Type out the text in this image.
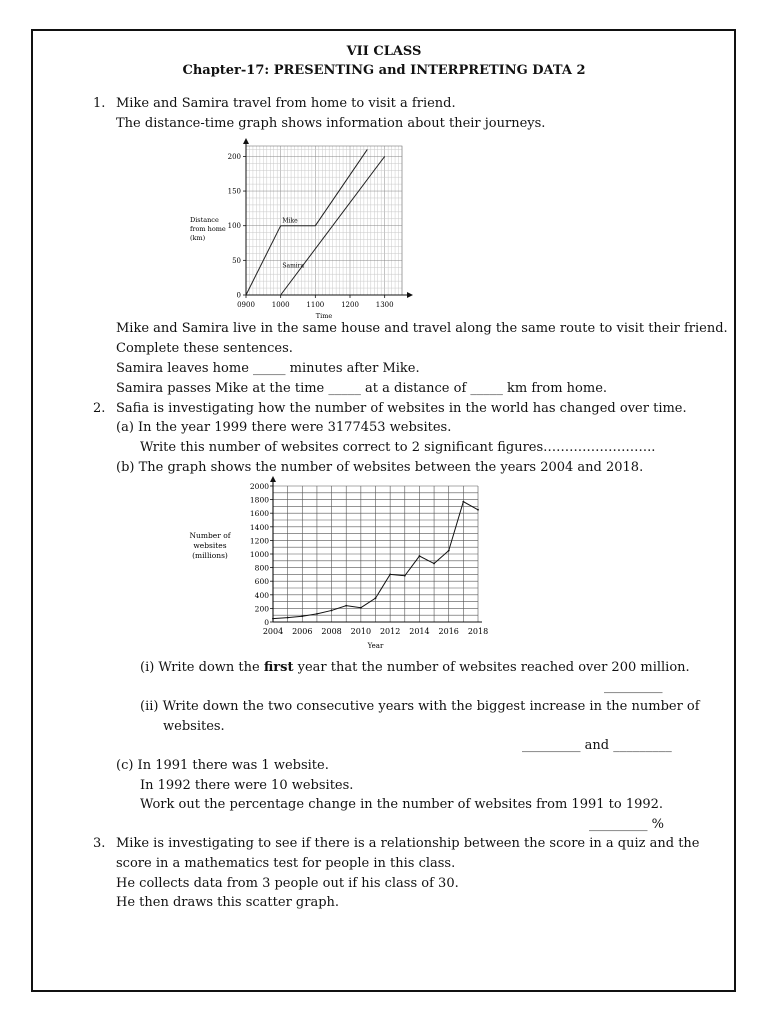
VII CLASS
Chapter-17: PRESENTING and INTERPRETING DATA 2
1. Mike and Samira travel from home to visit a friend.
The distance-time graph shows information about their journeys.
0900 1000 1100 1200 1300
0
50
100
150
200
Time
Distance
from home
(km)
Mike
Samira
Mike and Samira live in the same house and travel along the same route to visit their friend.
Complete these sentences.
Samira leaves home _____ minutes after Mike.
Samira passes Mike at the time _____ at a distance of _____ km from home.
2. Safia is investigating how the number of websites in the world has changed over time.
(a) In the year 1999 there were 3177453 websites.
Write this number of websites correct to 2 significant figures……………………..
(b) The graph shows the number of websites between the years 2004 and 2018.
2004 2006 2008 2010 2012 2014 2016 2018
0
200
400
600
800
1000
1200
1400
1600
1800
2000
Year
Number of
websites
(millions)
(i) Write down the first year that the number of websites reached over 200 million.
_________
(ii) Write down the two consecutive years with the biggest increase in the number of
websites.
_________ and _________
(c) In 1991 there was 1 website.
In 1992 there were 10 websites.
Work out the percentage change in the number of websites from 1991 to 1992.
_________ %
3. Mike is investigating to see if there is a relationship between the score in a quiz and the
score in a mathematics test for people in this class.
He collects data from 3 people out if his class of 30.
He then draws this scatter graph.
